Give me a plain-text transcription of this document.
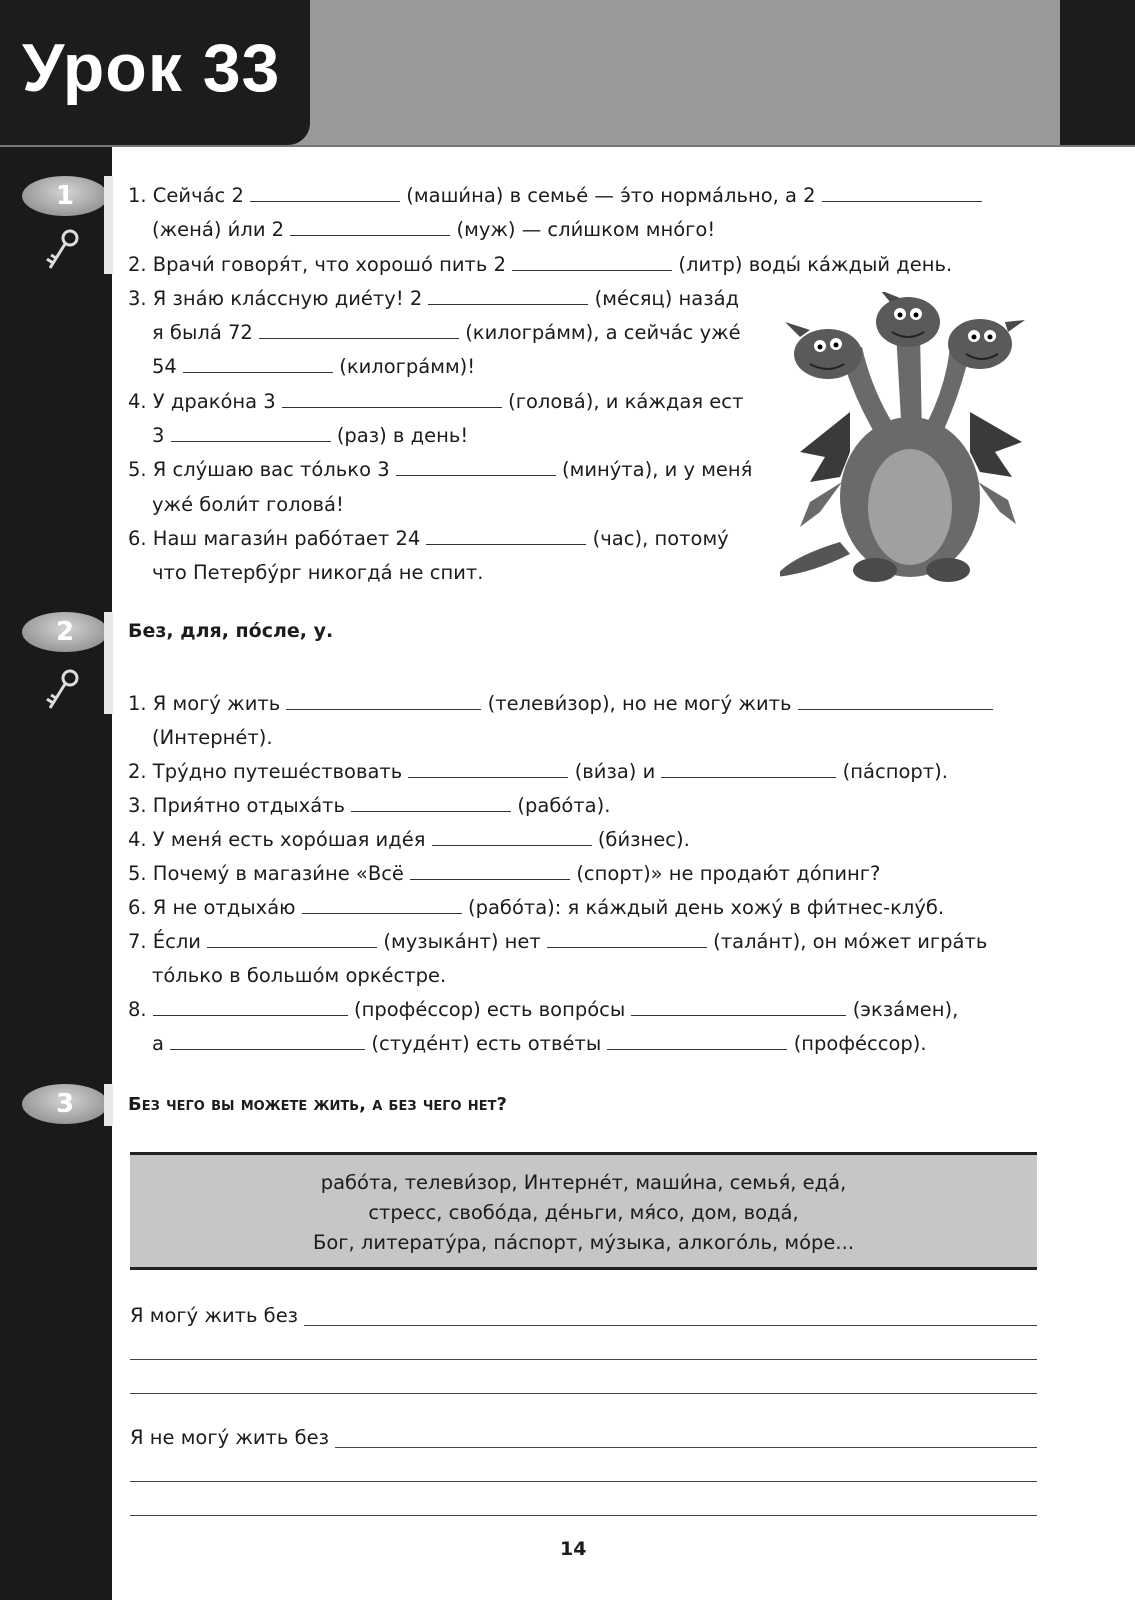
Урок 33
1
2
3
1. Сейча́с 2	(маши́на) в семье́ — э́то норма́льно, а 2
(жена́) и́ли 2	(муж) — сли́шком мно́го!
2. Врачи́ говоря́т, что хорошо́ пить 2	(литр) воды́ ка́ждый день.
3. Я зна́ю кла́ссную дие́ту! 2	(ме́сяц) наза́д
я была́ 72	(килогра́мм), а сейча́с уже́
54	(килогра́мм)!
4. У драко́на 3	(голова́), и ка́ждая ест
3	(раз) в день!
5. Я слу́шаю вас то́лько 3	(мину́та), и у меня́
уже́ боли́т голова́!
6. Наш магази́н рабо́тает 24	(час), потому́
что Петербу́рг никогда́ не спит.
Без, для, по́сле, у.
1. Я могу́ жить	(телеви́зор), но не могу́ жить
(Интерне́т).
2. Тру́дно путеше́ствовать	(ви́за) и	(па́спорт).
3. Прия́тно отдыха́ть	(рабо́та).
4. У меня́ есть хоро́шая иде́я	(би́знес).
5. Почему́ в магази́не «Всё	(спорт)» не продаю́т до́пинг?
6. Я не отдыха́ю	(рабо́та): я ка́ждый день хожу́ в фи́тнес-клу́б.
7. Е́сли	(музыка́нт) нет	(тала́нт), он мо́жет игра́ть
то́лько в большо́м орке́стре.
8.	(профе́ссор) есть вопро́сы	(экза́мен),
а	(студе́нт) есть отве́ты	(профе́ссор).
Без чего вы можете жить, а без чего нет?
рабо́та, телеви́зор, Интерне́т, маши́на, семья́, еда́,
стресс, свобо́да, де́ньги, мя́со, дом, вода́,
Бог, литерату́ра, па́спорт, му́зыка, алкого́ль, мо́ре...
Я могу́ жить без
Я не могу́ жить без
14
